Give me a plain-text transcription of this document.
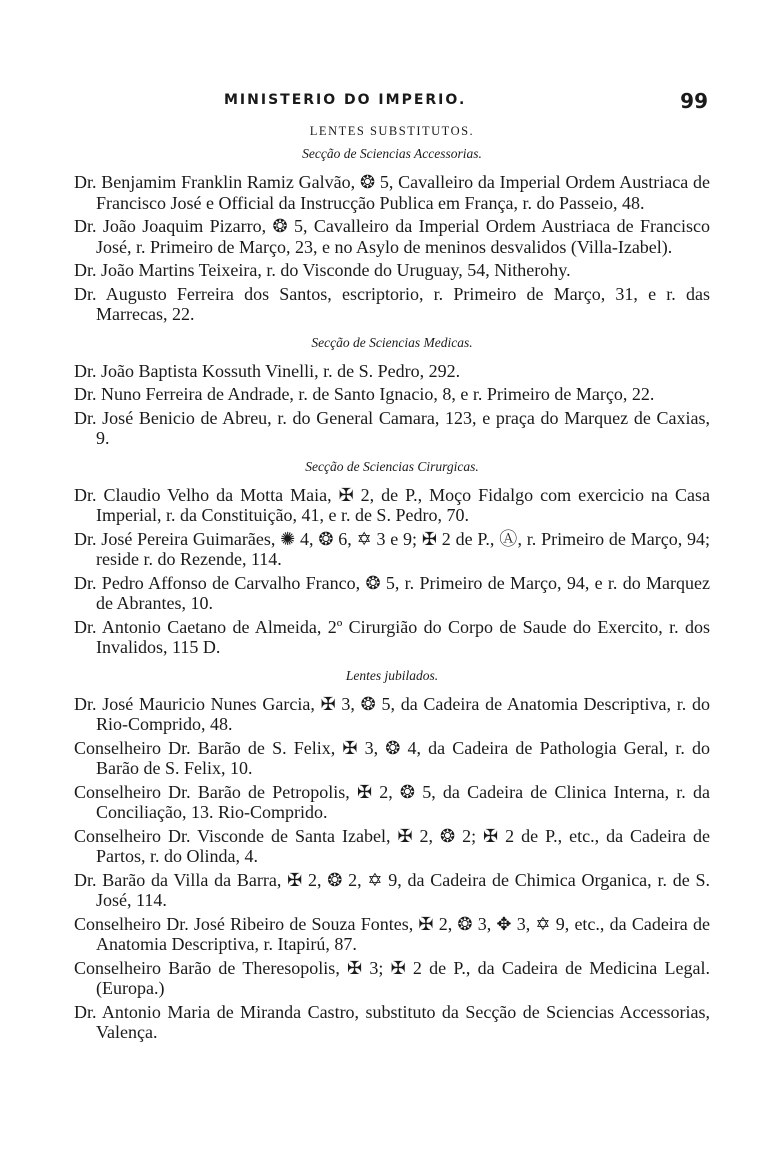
MINISTERIO DO IMPERIO.	99
LENTES SUBSTITUTOS.
Secção de Sciencias Accessorias.
Dr. Benjamim Franklin Ramiz Galvão, ❂ 5, Cavalleiro da Imperial Ordem Austriaca de Francisco José e Official da Instrucção Publica em França, r. do Passeio, 48.
Dr. João Joaquim Pizarro, ❂ 5, Cavalleiro da Imperial Ordem Austriaca de Francisco José, r. Primeiro de Março, 23, e no Asylo de meninos desvalidos (Villa-Izabel).
Dr. João Martins Teixeira, r. do Visconde do Uruguay, 54, Nitherohy.
Dr. Augusto Ferreira dos Santos, escriptorio, r. Primeiro de Março, 31, e r. das Marrecas, 22.
Secção de Sciencias Medicas.
Dr. João Baptista Kossuth Vinelli, r. de S. Pedro, 292.
Dr. Nuno Ferreira de Andrade, r. de Santo Ignacio, 8, e r. Primeiro de Março, 22.
Dr. José Benicio de Abreu, r. do General Camara, 123, e praça do Marquez de Caxias, 9.
Secção de Sciencias Cirurgicas.
Dr. Claudio Velho da Motta Maia, ✠ 2, de P., Moço Fidalgo com exercicio na Casa Imperial, r. da Constituição, 41, e r. de S. Pedro, 70.
Dr. José Pereira Guimarães, ✺ 4, ❂ 6, ✡ 3 e 9; ✠ 2 de P., Ⓐ, r. Primeiro de Março, 94; reside r. do Rezende, 114.
Dr. Pedro Affonso de Carvalho Franco, ❂ 5, r. Primeiro de Março, 94, e r. do Marquez de Abrantes, 10.
Dr. Antonio Caetano de Almeida, 2º Cirurgião do Corpo de Saude do Exercito, r. dos Invalidos, 115 D.
Lentes jubilados.
Dr. José Mauricio Nunes Garcia, ✠ 3, ❂ 5, da Cadeira de Anatomia Descriptiva, r. do Rio-Comprido, 48.
Conselheiro Dr. Barão de S. Felix, ✠ 3, ❂ 4, da Cadeira de Pathologia Geral, r. do Barão de S. Felix, 10.
Conselheiro Dr. Barão de Petropolis, ✠ 2, ❂ 5, da Cadeira de Clinica Interna, r. da Conciliação, 13. Rio-Comprido.
Conselheiro Dr. Visconde de Santa Izabel, ✠ 2, ❂ 2; ✠ 2 de P., etc., da Cadeira de Partos, r. do Olinda, 4.
Dr. Barão da Villa da Barra, ✠ 2, ❂ 2, ✡ 9, da Cadeira de Chimica Organica, r. de S. José, 114.
Conselheiro Dr. José Ribeiro de Souza Fontes, ✠ 2, ❂ 3, ✥ 3, ✡ 9, etc., da Cadeira de Anatomia Descriptiva, r. Itapirú, 87.
Conselheiro Barão de Theresopolis, ✠ 3; ✠ 2 de P., da Cadeira de Medicina Legal. (Europa.)
Dr. Antonio Maria de Miranda Castro, substituto da Secção de Sciencias Accessorias, Valença.
